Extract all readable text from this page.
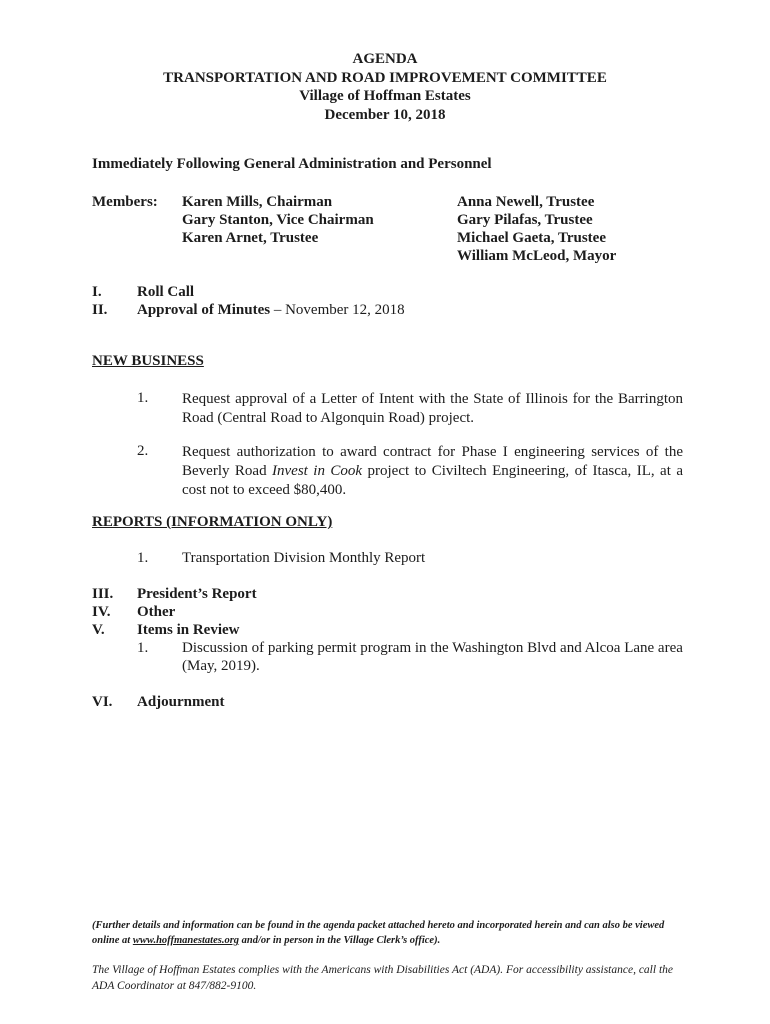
AGENDA
TRANSPORTATION AND ROAD IMPROVEMENT COMMITTEE
Village of Hoffman Estates
December 10, 2018
Immediately Following General Administration and Personnel
Members: Karen Mills, Chairman
Gary Stanton, Vice Chairman
Karen Arnet, Trustee
Anna Newell, Trustee
Gary Pilafas, Trustee
Michael Gaeta, Trustee
William McLeod, Mayor
I. Roll Call
II. Approval of Minutes – November 12, 2018
NEW BUSINESS
1. Request approval of a Letter of Intent with the State of Illinois for the Barrington
Road (Central Road to Algonquin Road) project.
2. Request authorization to award contract for Phase I engineering services of the
Beverly Road Invest in Cook project to Civiltech Engineering, of Itasca, IL, at a
cost not to exceed $80,400.
REPORTS (INFORMATION ONLY)
1. Transportation Division Monthly Report
III. President’s Report
IV. Other
V. Items in Review
1. Discussion of parking permit program in the Washington Blvd and Alcoa Lane area
(May, 2019).
VI. Adjournment
(Further details and information can be found in the agenda packet attached hereto and incorporated herein and can also be viewed online at www.hoffmanestates.org and/or in person in the Village Clerk’s office).
The Village of Hoffman Estates complies with the Americans with Disabilities Act (ADA). For accessibility assistance, call the ADA Coordinator at 847/882-9100.
